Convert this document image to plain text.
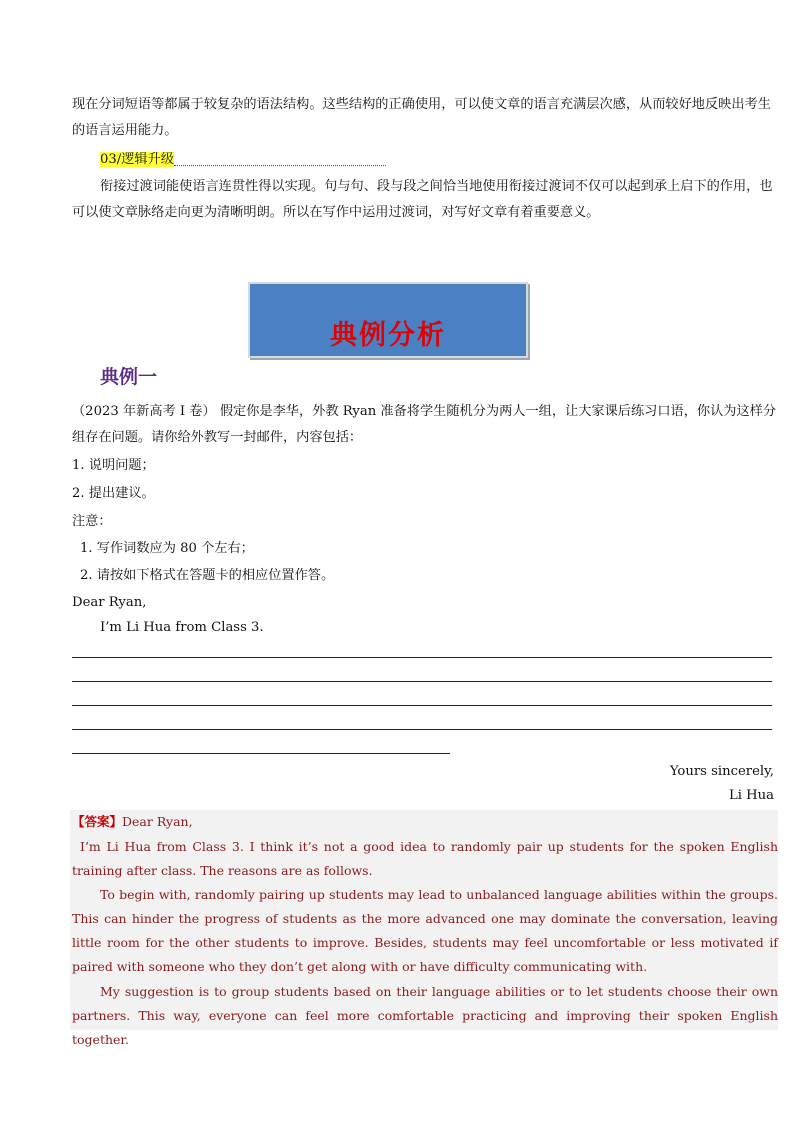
现在分词短语等都属于较复杂的语法结构。这些结构的正确使用，可以使文章的语言充满层次感，从而较好地反映出考生的语言运用能力。
03/逻辑升级
衔接过渡词能使语言连贯性得以实现。句与句、段与段之间恰当地使用衔接过渡词不仅可以起到承上启下的作用，也可以使文章脉络走向更为清晰明朗。所以在写作中运用过渡词，对写好文章有着重要意义。
典例分析
典例一
（2023 年新高考 I 卷） 假定你是李华，外教 Ryan 准备将学生随机分为两人一组，让大家课后练习口语，你认为这样分组存在问题。请你给外教写一封邮件，内容包括：
1. 说明问题；
2. 提出建议。
注意：
1. 写作词数应为 80 个左右；
2. 请按如下格式在答题卡的相应位置作答。
Dear Ryan,
I’m Li Hua from Class 3.
Yours sincerely,
Li Hua
【答案】Dear Ryan,
I’m Li Hua from Class 3. I think it’s not a good idea to randomly pair up students for the spoken English training after class. The reasons are as follows.
To begin with, randomly pairing up students may lead to unbalanced language abilities within the groups. This can hinder the progress of students as the more advanced one may dominate the conversation, leaving little room for the other students to improve. Besides, students may feel uncomfortable or less motivated if paired with someone who they don’t get along with or have difficulty communicating with.
My suggestion is to group students based on their language abilities or to let students choose their own partners. This way, everyone can feel more comfortable practicing and improving their spoken English together.
